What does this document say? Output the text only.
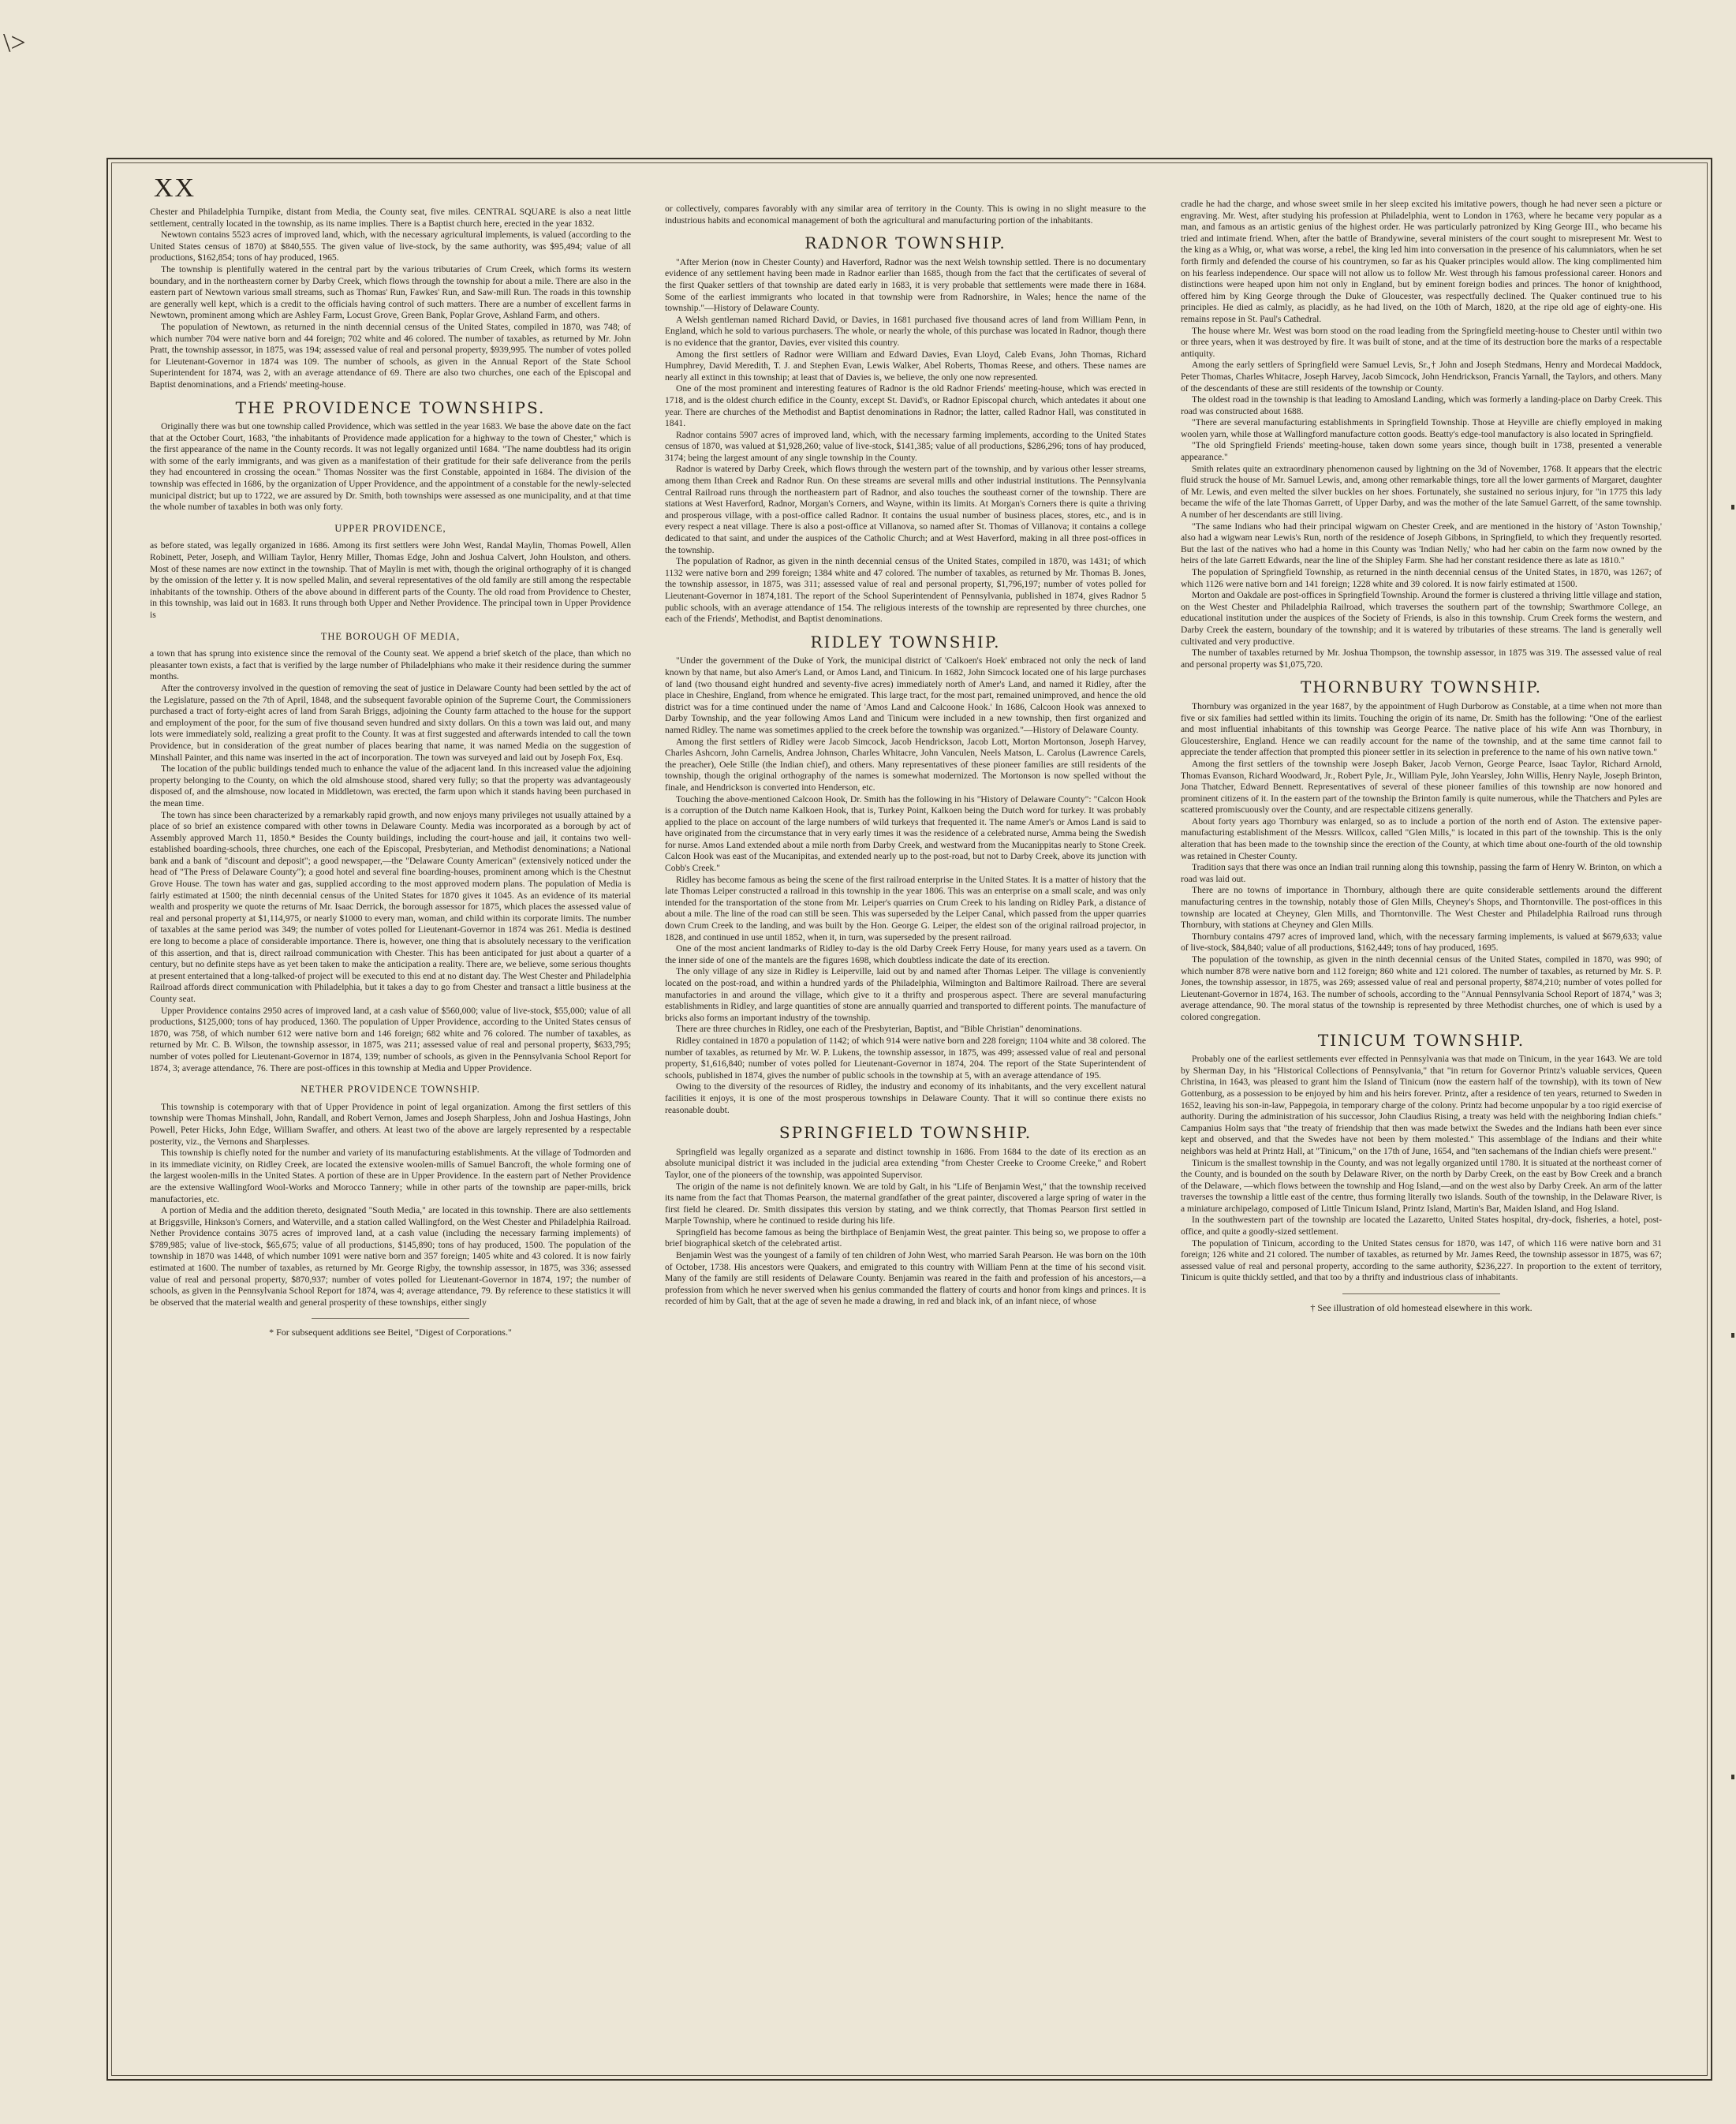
\>
XX

Chester and Philadelphia Turnpike, distant from Media, the County seat, five miles. CENTRAL SQUARE is also a neat little settlement, centrally located in the township, as its name implies. There is a Baptist church here, erected in the year 1832.

Newtown contains 5523 acres of improved land, which, with the necessary agricultural implements, is valued (according to the United States census of 1870) at $840,555. The given value of live-stock, by the same authority, was $95,494; value of all productions, $162,854; tons of hay produced, 1965.

The township is plentifully watered in the central part by the various tributaries of Crum Creek, which forms its western boundary, and in the northeastern corner by Darby Creek, which flows through the township for about a mile. There are also in the eastern part of Newtown various small streams, such as Thomas' Run, Fawkes' Run, and Saw-mill Run. The roads in this township are generally well kept, which is a credit to the officials having control of such matters. There are a number of excellent farms in Newtown, prominent among which are Ashley Farm, Locust Grove, Green Bank, Poplar Grove, Ashland Farm, and others.

The population of Newtown, as returned in the ninth decennial census of the United States, compiled in 1870, was 748; of which number 704 were native born and 44 foreign; 702 white and 46 colored. The number of taxables, as returned by Mr. John Pratt, the township assessor, in 1875, was 194; assessed value of real and personal property, $939,995. The number of votes polled for Lieutenant-Governor in 1874 was 109. The number of schools, as given in the Annual Report of the State School Superintendent for 1874, was 2, with an average attendance of 69. There are also two churches, one each of the Episcopal and Baptist denominations, and a Friends' meeting-house.

THE PROVIDENCE TOWNSHIPS.

Originally there was but one township called Providence, which was settled in the year 1683. We base the above date on the fact that at the October Court, 1683, "the inhabitants of Providence made application for a highway to the town of Chester," which is the first appearance of the name in the County records. It was not legally organized until 1684. "The name doubtless had its origin with some of the early immigrants, and was given as a manifestation of their gratitude for their safe deliverance from the perils they had encountered in crossing the ocean." Thomas Nossiter was the first Constable, appointed in 1684. The division of the township was effected in 1686, by the organization of Upper Providence, and the appointment of a constable for the newly-selected municipal district; but up to 1722, we are assured by Dr. Smith, both townships were assessed as one municipality, and at that time the whole number of taxables in both was only forty.

UPPER PROVIDENCE,

as before stated, was legally organized in 1686. Among its first settlers were John West, Randal Maylin, Thomas Powell, Allen Robinett, Peter, Joseph, and William Taylor, Henry Miller, Thomas Edge, John and Joshua Calvert, John Houlston, and others. Most of these names are now extinct in the township. That of Maylin is met with, though the original orthography of it is changed by the omission of the letter y. It is now spelled Malin, and several representatives of the old family are still among the respectable inhabitants of the township. Others of the above abound in different parts of the County. The old road from Providence to Chester, in this township, was laid out in 1683. It runs through both Upper and Nether Providence. The principal town in Upper Providence is

THE BOROUGH OF MEDIA,

a town that has sprung into existence since the removal of the County seat. We append a brief sketch of the place, than which no pleasanter town exists, a fact that is verified by the large number of Philadelphians who make it their residence during the summer months.

After the controversy involved in the question of removing the seat of justice in Delaware County had been settled by the act of the Legislature, passed on the 7th of April, 1848, and the subsequent favorable opinion of the Supreme Court, the Commissioners purchased a tract of forty-eight acres of land from Sarah Briggs, adjoining the County farm attached to the house for the support and employment of the poor, for the sum of five thousand seven hundred and sixty dollars. On this a town was laid out, and many lots were immediately sold, realizing a great profit to the County. It was at first suggested and afterwards intended to call the town Providence, but in consideration of the great number of places bearing that name, it was named Media on the suggestion of Minshall Painter, and this name was inserted in the act of incorporation. The town was surveyed and laid out by Joseph Fox, Esq.

The location of the public buildings tended much to enhance the value of the adjacent land. In this increased value the adjoining property belonging to the County, on which the old almshouse stood, shared very fully; so that the property was advantageously disposed of, and the almshouse, now located in Middletown, was erected, the farm upon which it stands having been purchased in the mean time.

The town has since been characterized by a remarkably rapid growth, and now enjoys many privileges not usually attained by a place of so brief an existence compared with other towns in Delaware County. Media was incorporated as a borough by act of Assembly approved March 11, 1850.* Besides the County buildings, including the court-house and jail, it contains two well-established boarding-schools, three churches, one each of the Episcopal, Presbyterian, and Methodist denominations; a National bank and a bank of "discount and deposit"; a good newspaper,—the "Delaware County American" (extensively noticed under the head of "The Press of Delaware County"); a good hotel and several fine boarding-houses, prominent among which is the Chestnut Grove House. The town has water and gas, supplied according to the most approved modern plans. The population of Media is fairly estimated at 1500; the ninth decennial census of the United States for 1870 gives it 1045. As an evidence of its material wealth and prosperity we quote the returns of Mr. Isaac Derrick, the borough assessor for 1875, which places the assessed value of real and personal property at $1,114,975, or nearly $1000 to every man, woman, and child within its corporate limits. The number of taxables at the same period was 349; the number of votes polled for Lieutenant-Governor in 1874 was 261. Media is destined ere long to become a place of considerable importance. There is, however, one thing that is absolutely necessary to the verification of this assertion, and that is, direct railroad communication with Chester. This has been anticipated for just about a quarter of a century, but no definite steps have as yet been taken to make the anticipation a reality. There are, we believe, some serious thoughts at present entertained that a long-talked-of project will be executed to this end at no distant day. The West Chester and Philadelphia Railroad affords direct communication with Philadelphia, but it takes a day to go from Chester and transact a little business at the County seat.

Upper Providence contains 2950 acres of improved land, at a cash value of $560,000; value of live-stock, $55,000; value of all productions, $125,000; tons of hay produced, 1360. The population of Upper Providence, according to the United States census of 1870, was 758, of which number 612 were native born and 146 foreign; 682 white and 76 colored. The number of taxables, as returned by Mr. C. B. Wilson, the township assessor, in 1875, was 211; assessed value of real and personal property, $633,795; number of votes polled for Lieutenant-Governor in 1874, 139; number of schools, as given in the Pennsylvania School Report for 1874, 3; average attendance, 76. There are post-offices in this township at Media and Upper Providence.

NETHER PROVIDENCE TOWNSHIP.

This township is cotemporary with that of Upper Providence in point of legal organization. Among the first settlers of this township were Thomas Minshall, John, Randall, and Robert Vernon, James and Joseph Sharpless, John and Joshua Hastings, John Powell, Peter Hicks, John Edge, William Swaffer, and others. At least two of the above are largely represented by a respectable posterity, viz., the Vernons and Sharplesses.

This township is chiefly noted for the number and variety of its manufacturing establishments. At the village of Todmorden and in its immediate vicinity, on Ridley Creek, are located the extensive woolen-mills of Samuel Bancroft, the whole forming one of the largest woolen-mills in the United States. A portion of these are in Upper Providence. In the eastern part of Nether Providence are the extensive Wallingford Wool-Works and Morocco Tannery; while in other parts of the township are paper-mills, brick manufactories, etc.

A portion of Media and the addition thereto, designated "South Media," are located in this township. There are also settlements at Briggsville, Hinkson's Corners, and Waterville, and a station called Wallingford, on the West Chester and Philadelphia Railroad. Nether Providence contains 3075 acres of improved land, at a cash value (including the necessary farming implements) of $789,985; value of live-stock, $65,675; value of all productions, $145,890; tons of hay produced, 1500. The population of the township in 1870 was 1448, of which number 1091 were native born and 357 foreign; 1405 white and 43 colored. It is now fairly estimated at 1600. The number of taxables, as returned by Mr. George Rigby, the township assessor, in 1875, was 336; assessed value of real and personal property, $870,937; number of votes polled for Lieutenant-Governor in 1874, 197; the number of schools, as given in the Pennsylvania School Report for 1874, was 4; average attendance, 79. By reference to these statistics it will be observed that the material wealth and general prosperity of these townships, either singly

* For subsequent additions see Beitel, "Digest of Corporations."

or collectively, compares favorably with any similar area of territory in the County. This is owing in no slight measure to the industrious habits and economical management of both the agricultural and manufacturing portion of the inhabitants.

RADNOR TOWNSHIP.

"After Merion (now in Chester County) and Haverford, Radnor was the next Welsh township settled. There is no documentary evidence of any settlement having been made in Radnor earlier than 1685, though from the fact that the certificates of several of the first Quaker settlers of that township are dated early in 1683, it is very probable that settlements were made there in 1684. Some of the earliest immigrants who located in that township were from Radnorshire, in Wales; hence the name of the township."—History of Delaware County.

A Welsh gentleman named Richard David, or Davies, in 1681 purchased five thousand acres of land from William Penn, in England, which he sold to various purchasers. The whole, or nearly the whole, of this purchase was located in Radnor, though there is no evidence that the grantor, Davies, ever visited this country.

Among the first settlers of Radnor were William and Edward Davies, Evan Lloyd, Caleb Evans, John Thomas, Richard Humphrey, David Meredith, T. J. and Stephen Evan, Lewis Walker, Abel Roberts, Thomas Reese, and others. These names are nearly all extinct in this township; at least that of Davies is, we believe, the only one now represented.

One of the most prominent and interesting features of Radnor is the old Radnor Friends' meeting-house, which was erected in 1718, and is the oldest church edifice in the County, except St. David's, or Radnor Episcopal church, which antedates it about one year. There are churches of the Methodist and Baptist denominations in Radnor; the latter, called Radnor Hall, was constituted in 1841.

Radnor contains 5907 acres of improved land, which, with the necessary farming implements, according to the United States census of 1870, was valued at $1,928,260; value of live-stock, $141,385; value of all productions, $286,296; tons of hay produced, 3174; being the largest amount of any single township in the County.

Radnor is watered by Darby Creek, which flows through the western part of the township, and by various other lesser streams, among them Ithan Creek and Radnor Run. On these streams are several mills and other industrial institutions. The Pennsylvania Central Railroad runs through the northeastern part of Radnor, and also touches the southeast corner of the township. There are stations at West Haverford, Radnor, Morgan's Corners, and Wayne, within its limits. At Morgan's Corners there is quite a thriving and prosperous village, with a post-office called Radnor. It contains the usual number of business places, stores, etc., and is in every respect a neat village. There is also a post-office at Villanova, so named after St. Thomas of Villanova; it contains a college dedicated to that saint, and under the auspices of the Catholic Church; and at West Haverford, making in all three post-offices in the township.

The population of Radnor, as given in the ninth decennial census of the United States, compiled in 1870, was 1431; of which 1132 were native born and 299 foreign; 1384 white and 47 colored. The number of taxables, as returned by Mr. Thomas B. Jones, the township assessor, in 1875, was 311; assessed value of real and personal property, $1,796,197; number of votes polled for Lieutenant-Governor in 1874,181. The report of the School Superintendent of Pennsylvania, published in 1874, gives Radnor 5 public schools, with an average attendance of 154. The religious interests of the township are represented by three churches, one each of the Friends', Methodist, and Baptist denominations.

RIDLEY TOWNSHIP.

"Under the government of the Duke of York, the municipal district of 'Calkoen's Hoek' embraced not only the neck of land known by that name, but also Amer's Land, or Amos Land, and Tinicum. In 1682, John Simcock located one of his large purchases of land (two thousand eight hundred and seventy-five acres) immediately north of Amer's Land, and named it Ridley, after the place in Cheshire, England, from whence he emigrated. This large tract, for the most part, remained unimproved, and hence the old district was for a time continued under the name of 'Amos Land and Calcoone Hook.' In 1686, Calcoon Hook was annexed to Darby Township, and the year following Amos Land and Tinicum were included in a new township, then first organized and named Ridley. The name was sometimes applied to the creek before the township was organized."—History of Delaware County.

Among the first settlers of Ridley were Jacob Simcock, Jacob Hendrickson, Jacob Lott, Morton Mortonson, Joseph Harvey, Charles Ashcorn, John Carnelis, Andrea Johnson, Charles Whitacre, John Vanculen, Neels Matson, L. Carolus (Lawrence Carels, the preacher), Oele Stille (the Indian chief), and others. Many representatives of these pioneer families are still residents of the township, though the original orthography of the names is somewhat modernized. The Mortonson is now spelled without the finale, and Hendrickson is converted into Henderson, etc.

Touching the above-mentioned Calcoon Hook, Dr. Smith has the following in his "History of Delaware County": "Calcon Hook is a corruption of the Dutch name Kalkoen Hook, that is, Turkey Point, Kalkoen being the Dutch word for turkey. It was probably applied to the place on account of the large numbers of wild turkeys that frequented it. The name Amer's or Amos Land is said to have originated from the circumstance that in very early times it was the residence of a celebrated nurse, Amma being the Swedish for nurse. Amos Land extended about a mile north from Darby Creek, and westward from the Mucanippitas nearly to Stone Creek. Calcon Hook was east of the Mucanipitas, and extended nearly up to the post-road, but not to Darby Creek, above its junction with Cobb's Creek."

Ridley has become famous as being the scene of the first railroad enterprise in the United States. It is a matter of history that the late Thomas Leiper constructed a railroad in this township in the year 1806. This was an enterprise on a small scale, and was only intended for the transportation of the stone from Mr. Leiper's quarries on Crum Creek to his landing on Ridley Park, a distance of about a mile. The line of the road can still be seen. This was superseded by the Leiper Canal, which passed from the upper quarries down Crum Creek to the landing, and was built by the Hon. George G. Leiper, the eldest son of the original railroad projector, in 1828, and continued in use until 1852, when it, in turn, was superseded by the present railroad.

One of the most ancient landmarks of Ridley to-day is the old Darby Creek Ferry House, for many years used as a tavern. On the inner side of one of the mantels are the figures 1698, which doubtless indicate the date of its erection.

The only village of any size in Ridley is Leiperville, laid out by and named after Thomas Leiper. The village is conveniently located on the post-road, and within a hundred yards of the Philadelphia, Wilmington and Baltimore Railroad. There are several manufactories in and around the village, which give to it a thrifty and prosperous aspect. There are several manufacturing establishments in Ridley, and large quantities of stone are annually quarried and transported to different points. The manufacture of bricks also forms an important industry of the township.

There are three churches in Ridley, one each of the Presbyterian, Baptist, and "Bible Christian" denominations.

Ridley contained in 1870 a population of 1142; of which 914 were native born and 228 foreign; 1104 white and 38 colored. The number of taxables, as returned by Mr. W. P. Lukens, the township assessor, in 1875, was 499; assessed value of real and personal property, $1,616,840; number of votes polled for Lieutenant-Governor in 1874, 204. The report of the State Superintendent of schools, published in 1874, gives the number of public schools in the township at 5, with an average attendance of 195.

Owing to the diversity of the resources of Ridley, the industry and economy of its inhabitants, and the very excellent natural facilities it enjoys, it is one of the most prosperous townships in Delaware County. That it will so continue there exists no reasonable doubt.

SPRINGFIELD TOWNSHIP.

Springfield was legally organized as a separate and distinct township in 1686. From 1684 to the date of its erection as an absolute municipal district it was included in the judicial area extending "from Chester Creeke to Croome Creeke," and Robert Taylor, one of the pioneers of the township, was appointed Supervisor.

The origin of the name is not definitely known. We are told by Galt, in his "Life of Benjamin West," that the township received its name from the fact that Thomas Pearson, the maternal grandfather of the great painter, discovered a large spring of water in the first field he cleared. Dr. Smith dissipates this version by stating, and we think correctly, that Thomas Pearson first settled in Marple Township, where he continued to reside during his life.

Springfield has become famous as being the birthplace of Benjamin West, the great painter. This being so, we propose to offer a brief biographical sketch of the celebrated artist.

Benjamin West was the youngest of a family of ten children of John West, who married Sarah Pearson. He was born on the 10th of October, 1738. His ancestors were Quakers, and emigrated to this country with William Penn at the time of his second visit. Many of the family are still residents of Delaware County. Benjamin was reared in the faith and profession of his ancestors,—a profession from which he never swerved when his genius commanded the flattery of courts and honor from kings and princes. It is recorded of him by Galt, that at the age of seven he made a drawing, in red and black ink, of an infant niece, of whose

cradle he had the charge, and whose sweet smile in her sleep excited his imitative powers, though he had never seen a picture or engraving. Mr. West, after studying his profession at Philadelphia, went to London in 1763, where he became very popular as a man, and famous as an artistic genius of the highest order. He was particularly patronized by King George III., who became his tried and intimate friend. When, after the battle of Brandywine, several ministers of the court sought to misrepresent Mr. West to the king as a Whig, or, what was worse, a rebel, the king led him into conversation in the presence of his calumniators, when he set forth firmly and defended the course of his countrymen, so far as his Quaker principles would allow. The king complimented him on his fearless independence. Our space will not allow us to follow Mr. West through his famous professional career. Honors and distinctions were heaped upon him not only in England, but by eminent foreign bodies and princes. The honor of knighthood, offered him by King George through the Duke of Gloucester, was respectfully declined. The Quaker continued true to his principles. He died as calmly, as placidly, as he had lived, on the 10th of March, 1820, at the ripe old age of eighty-one. His remains repose in St. Paul's Cathedral.

The house where Mr. West was born stood on the road leading from the Springfield meeting-house to Chester until within two or three years, when it was destroyed by fire. It was built of stone, and at the time of its destruction bore the marks of a respectable antiquity.

Among the early settlers of Springfield were Samuel Levis, Sr.,† John and Joseph Stedmans, Henry and Mordecai Maddock, Peter Thomas, Charles Whitacre, Joseph Harvey, Jacob Simcock, John Hendrickson, Francis Yarnall, the Taylors, and others. Many of the descendants of these are still residents of the township or County.

The oldest road in the township is that leading to Amosland Landing, which was formerly a landing-place on Darby Creek. This road was constructed about 1688.

"There are several manufacturing establishments in Springfield Township. Those at Heyville are chiefly employed in making woolen yarn, while those at Wallingford manufacture cotton goods. Beatty's edge-tool manufactory is also located in Springfield.

"The old Springfield Friends' meeting-house, taken down some years since, though built in 1738, presented a venerable appearance."

Smith relates quite an extraordinary phenomenon caused by lightning on the 3d of November, 1768. It appears that the electric fluid struck the house of Mr. Samuel Lewis, and, among other remarkable things, tore all the lower garments of Margaret, daughter of Mr. Lewis, and even melted the silver buckles on her shoes. Fortunately, she sustained no serious injury, for "in 1775 this lady became the wife of the late Thomas Garrett, of Upper Darby, and was the mother of the late Samuel Garrett, of the same township. A number of her descendants are still living.

"The same Indians who had their principal wigwam on Chester Creek, and are mentioned in the history of 'Aston Township,' also had a wigwam near Lewis's Run, north of the residence of Joseph Gibbons, in Springfield, to which they frequently resorted. But the last of the natives who had a home in this County was 'Indian Nelly,' who had her cabin on the farm now owned by the heirs of the late Garrett Edwards, near the line of the Shipley Farm. She had her constant residence there as late as 1810."

The population of Springfield Township, as returned in the ninth decennial census of the United States, in 1870, was 1267; of which 1126 were native born and 141 foreign; 1228 white and 39 colored. It is now fairly estimated at 1500.

Morton and Oakdale are post-offices in Springfield Township. Around the former is clustered a thriving little village and station, on the West Chester and Philadelphia Railroad, which traverses the southern part of the township; Swarthmore College, an educational institution under the auspices of the Society of Friends, is also in this township. Crum Creek forms the western, and Darby Creek the eastern, boundary of the township; and it is watered by tributaries of these streams. The land is generally well cultivated and very productive.

The number of taxables returned by Mr. Joshua Thompson, the township assessor, in 1875 was 319. The assessed value of real and personal property was $1,075,720.

THORNBURY TOWNSHIP.

Thornbury was organized in the year 1687, by the appointment of Hugh Durborow as Constable, at a time when not more than five or six families had settled within its limits. Touching the origin of its name, Dr. Smith has the following: "One of the earliest and most influential inhabitants of this township was George Pearce. The native place of his wife Ann was Thornbury, in Gloucestershire, England. Hence we can readily account for the name of the township, and at the same time cannot fail to appreciate the tender affection that prompted this pioneer settler in its selection in preference to the name of his own native town."

Among the first settlers of the township were Joseph Baker, Jacob Vernon, George Pearce, Isaac Taylor, Richard Arnold, Thomas Evanson, Richard Woodward, Jr., Robert Pyle, Jr., William Pyle, John Yearsley, John Willis, Henry Nayle, Joseph Brinton, Jona Thatcher, Edward Bennett. Representatives of several of these pioneer families of this township are now honored and prominent citizens of it. In the eastern part of the township the Brinton family is quite numerous, while the Thatchers and Pyles are scattered promiscuously over the County, and are respectable citizens generally.

About forty years ago Thornbury was enlarged, so as to include a portion of the north end of Aston. The extensive paper-manufacturing establishment of the Messrs. Willcox, called "Glen Mills," is located in this part of the township. This is the only alteration that has been made to the township since the erection of the County, at which time about one-fourth of the old township was retained in Chester County.

Tradition says that there was once an Indian trail running along this township, passing the farm of Henry W. Brinton, on which a road was laid out.

There are no towns of importance in Thornbury, although there are quite considerable settlements around the different manufacturing centres in the township, notably those of Glen Mills, Cheyney's Shops, and Thorntonville. The post-offices in this township are located at Cheyney, Glen Mills, and Thorntonville. The West Chester and Philadelphia Railroad runs through Thornbury, with stations at Cheyney and Glen Mills.

Thornbury contains 4797 acres of improved land, which, with the necessary farming implements, is valued at $679,633; value of live-stock, $84,840; value of all productions, $162,449; tons of hay produced, 1695.

The population of the township, as given in the ninth decennial census of the United States, compiled in 1870, was 990; of which number 878 were native born and 112 foreign; 860 white and 121 colored. The number of taxables, as returned by Mr. S. P. Jones, the township assessor, in 1875, was 269; assessed value of real and personal property, $874,210; number of votes polled for Lieutenant-Governor in 1874, 163. The number of schools, according to the "Annual Pennsylvania School Report of 1874," was 3; average attendance, 90. The moral status of the township is represented by three Methodist churches, one of which is used by a colored congregation.

TINICUM TOWNSHIP.

Probably one of the earliest settlements ever effected in Pennsylvania was that made on Tinicum, in the year 1643. We are told by Sherman Day, in his "Historical Collections of Pennsylvania," that "in return for Governor Printz's valuable services, Queen Christina, in 1643, was pleased to grant him the Island of Tinicum (now the eastern half of the township), with its town of New Gottenburg, as a possession to be enjoyed by him and his heirs forever. Printz, after a residence of ten years, returned to Sweden in 1652, leaving his son-in-law, Pappegoia, in temporary charge of the colony. Printz had become unpopular by a too rigid exercise of authority. During the administration of his successor, John Claudius Rising, a treaty was held with the neighboring Indian chiefs." Campanius Holm says that "the treaty of friendship that then was made betwixt the Swedes and the Indians hath been ever since kept and observed, and that the Swedes have not been by them molested." This assemblage of the Indians and their white neighbors was held at Printz Hall, at "Tinicum," on the 17th of June, 1654, and "ten sachemans of the Indian chiefs were present."

Tinicum is the smallest township in the County, and was not legally organized until 1780. It is situated at the northeast corner of the County, and is bounded on the south by Delaware River, on the north by Darby Creek, on the east by Bow Creek and a branch of the Delaware, —which flows between the township and Hog Island,—and on the west also by Darby Creek. An arm of the latter traverses the township a little east of the centre, thus forming literally two islands. South of the township, in the Delaware River, is a miniature archipelago, composed of Little Tinicum Island, Printz Island, Martin's Bar, Maiden Island, and Hog Island.

In the southwestern part of the township are located the Lazaretto, United States hospital, dry-dock, fisheries, a hotel, post-office, and quite a goodly-sized settlement.

The population of Tinicum, according to the United States census for 1870, was 147, of which 116 were native born and 31 foreign; 126 white and 21 colored. The number of taxables, as returned by Mr. James Reed, the township assessor in 1875, was 67; assessed value of real and personal property, according to the same authority, $236,227. In proportion to the extent of territory, Tinicum is quite thickly settled, and that too by a thrifty and industrious class of inhabitants.

† See illustration of old homestead elsewhere in this work.
